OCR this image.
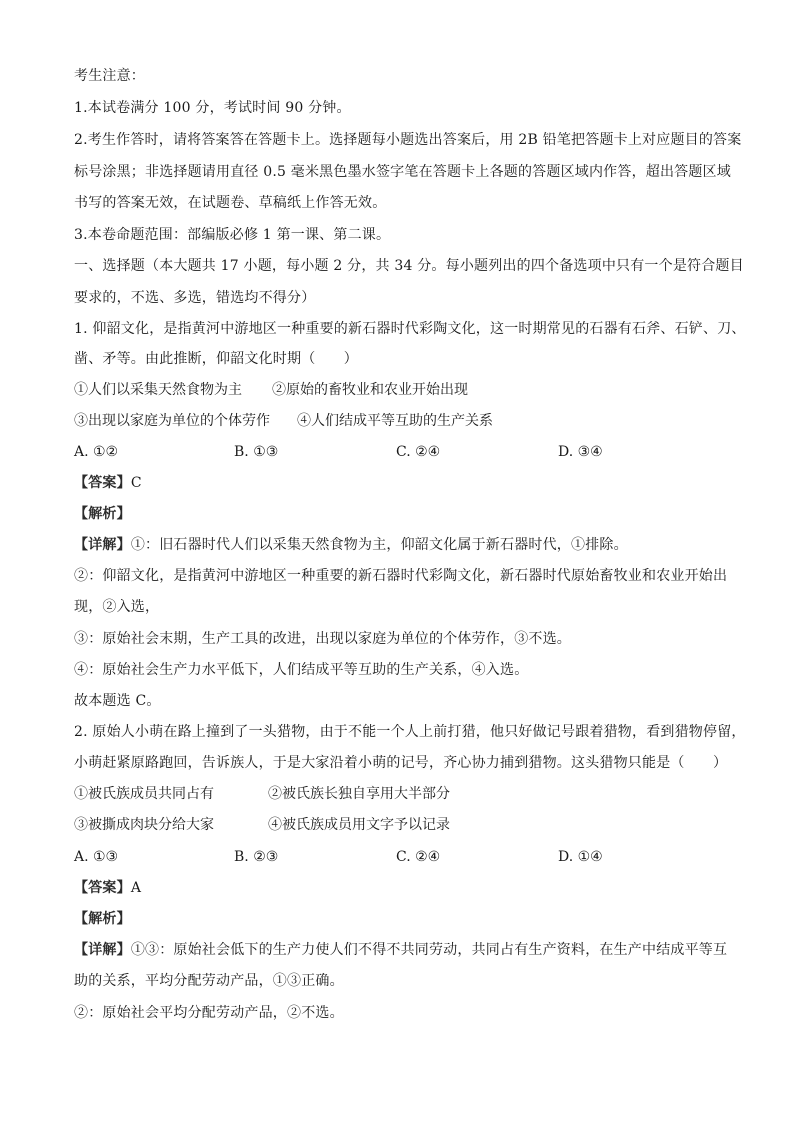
考生注意：
1.本试卷满分 100 分，考试时间 90 分钟。
2.考生作答时，请将答案答在答题卡上。选择题每小题选出答案后，用 2B 铅笔把答题卡上对应题目的答案
标号涂黑；非选择题请用直径 0.5 毫米黑色墨水签字笔在答题卡上各题的答题区域内作答，超出答题区域
书写的答案无效，在试题卷、草稿纸上作答无效。
3.本卷命题范围：部编版必修 1 第一课、第二课。
一、选择题（本大题共 17 小题，每小题 2 分，共 34 分。每小题列出的四个备选项中只有一个是符合题目
要求的，不选、多选，错选均不得分）
1. 仰韶文化，是指黄河中游地区一种重要的新石器时代彩陶文化，这一时期常见的石器有石斧、石铲、刀、
凿、矛等。由此推断，仰韶文化时期（　　）
①人们以采集天然食物为主 ②原始的畜牧业和农业开始出现
③出现以家庭为单位的个体劳作 ④人们结成平等互助的生产关系
A. ①②	B. ①③	C. ②④	D. ③④
【答案】C
【解析】
【详解】①：旧石器时代人们以采集天然食物为主，仰韶文化属于新石器时代，①排除。
②：仰韶文化，是指黄河中游地区一种重要的新石器时代彩陶文化，新石器时代原始畜牧业和农业开始出
现，②入选，
③：原始社会末期，生产工具的改进，出现以家庭为单位的个体劳作，③不选。
④：原始社会生产力水平低下，人们结成平等互助的生产关系，④入选。
故本题选 C。
2. 原始人小萌在路上撞到了一头猎物，由于不能一个人上前打猎，他只好做记号跟着猎物，看到猎物停留，
小萌赶紧原路跑回，告诉族人，于是大家沿着小萌的记号，齐心协力捕到猎物。这头猎物只能是（　　）
①被氏族成员共同占有	②被氏族长独自享用大半部分
③被撕成肉块分给大家	④被氏族成员用文字予以记录
A. ①③	B. ②③	C. ②④	D. ①④
【答案】A
【解析】
【详解】①③：原始社会低下的生产力使人们不得不共同劳动，共同占有生产资料，在生产中结成平等互
助的关系，平均分配劳动产品，①③正确。
②：原始社会平均分配劳动产品，②不选。
